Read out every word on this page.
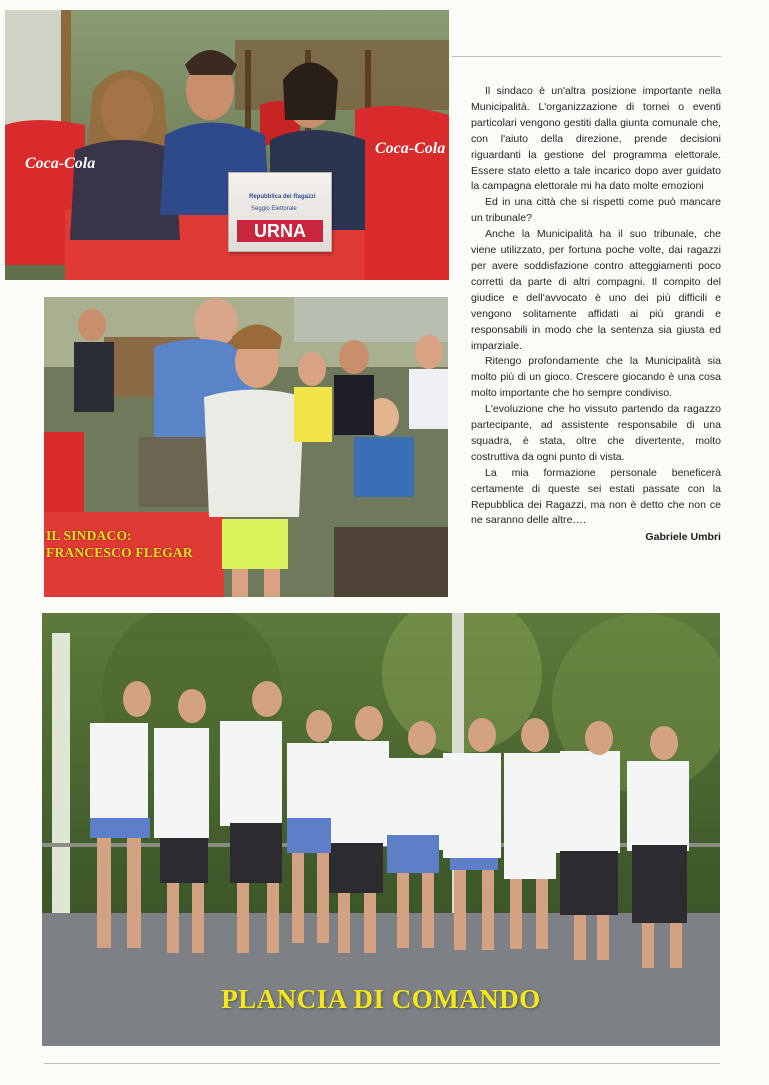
Coca-Cola
Coca-Cola
Repubblica dei Ragazzi
Seggio Elettorale
URNA

Il sindaco è un'altra posizione importante nella Municipalità. L'organizzazione di tornei o eventi particolari vengono gestiti dalla giunta comunale che, con l'aiuto della direzione, prende decisioni riguardanti la gestione del programma elettorale. Essere stato eletto a tale incarico dopo aver guidato la campagna elettorale mi ha dato molte emozioni

Ed in una città che si rispetti come può mancare un tribunale?

Anche la Municipalità ha il suo tribunale, che viene utilizzato, per fortuna poche volte, dai ragazzi per avere soddisfazione contro atteggiamenti poco corretti da parte di altri compagni. Il compito del giudice e dell'avvocato è uno dei più difficili e vengono solitamente affidati ai più grandi e responsabili in modo che la sentenza sia giusta ed imparziale.

Ritengo profondamente che la Municipalità sia molto più di un gioco. Crescere giocando è una cosa molto importante che ho sempre condiviso.

L'evoluzione che ho vissuto partendo da ragazzo partecipante, ad assistente responsabile di una squadra, è stata, oltre che divertente, molto costruttiva da ogni punto di vista.

La mia formazione personale beneficerà certamente di queste sei estati passate con la Repubblica dei Ragazzi, ma non è detto che non ce ne saranno delle altre….

Gabriele Umbri

IL SINDACO:
FRANCESCO FLEGAR
PLANCIA DI COMANDO
